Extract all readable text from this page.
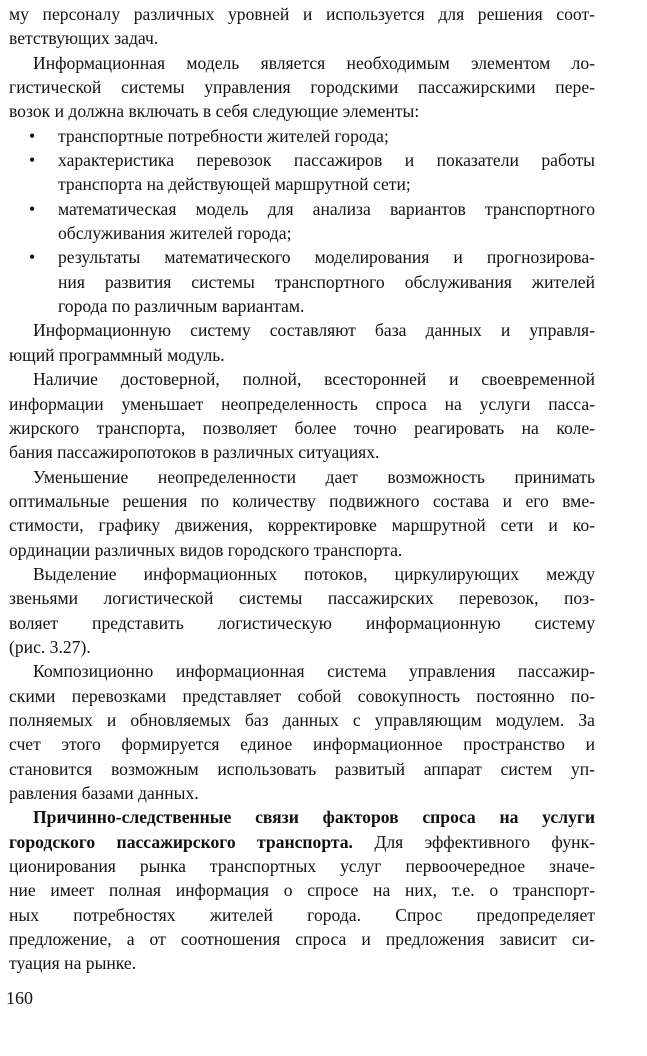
му персоналу различных уровней и используется для решения соот-
ветствующих задач.
Информационная модель является необходимым элементом ло-
гистической системы управления городскими пассажирскими пере-
возок и должна включать в себя следующие элементы:
• транспортные потребности жителей города;
• характеристика перевозок пассажиров и показатели работы
транспорта на действующей маршрутной сети;
• математическая модель для анализа вариантов транспортного
обслуживания жителей города;
• результаты математического моделирования и прогнозирова-
ния развития системы транспортного обслуживания жителей
города по различным вариантам.
Информационную систему составляют база данных и управля-
ющий программный модуль.
Наличие достоверной, полной, всесторонней и своевременной
информации уменьшает неопределенность спроса на услуги пасса-
жирского транспорта, позволяет более точно реагировать на коле-
бания пассажиропотоков в различных ситуациях.
Уменьшение неопределенности дает возможность принимать
оптимальные решения по количеству подвижного состава и его вме-
стимости, графику движения, корректировке маршрутной сети и ко-
ординации различных видов городского транспорта.
Выделение информационных потоков, циркулирующих между
звеньями логистической системы пассажирских перевозок, поз-
воляет представить логистическую информационную систему
(рис. 3.27).
Композиционно информационная система управления пассажир-
скими перевозками представляет собой совокупность постоянно по-
полняемых и обновляемых баз данных с управляющим модулем. За
счет этого формируется единое информационное пространство и
становится возможным использовать развитый аппарат систем уп-
равления базами данных.
Причинно-следственные связи факторов спроса на услуги
городского пассажирского транспорта. Для эффективного функ-
ционирования рынка транспортных услуг первоочередное значе-
ние имеет полная информация о спросе на них, т.е. о транспорт-
ных потребностях жителей города. Спрос предопределяет
предложение, а от соотношения спроса и предложения зависит си-
туация на рынке.
160
